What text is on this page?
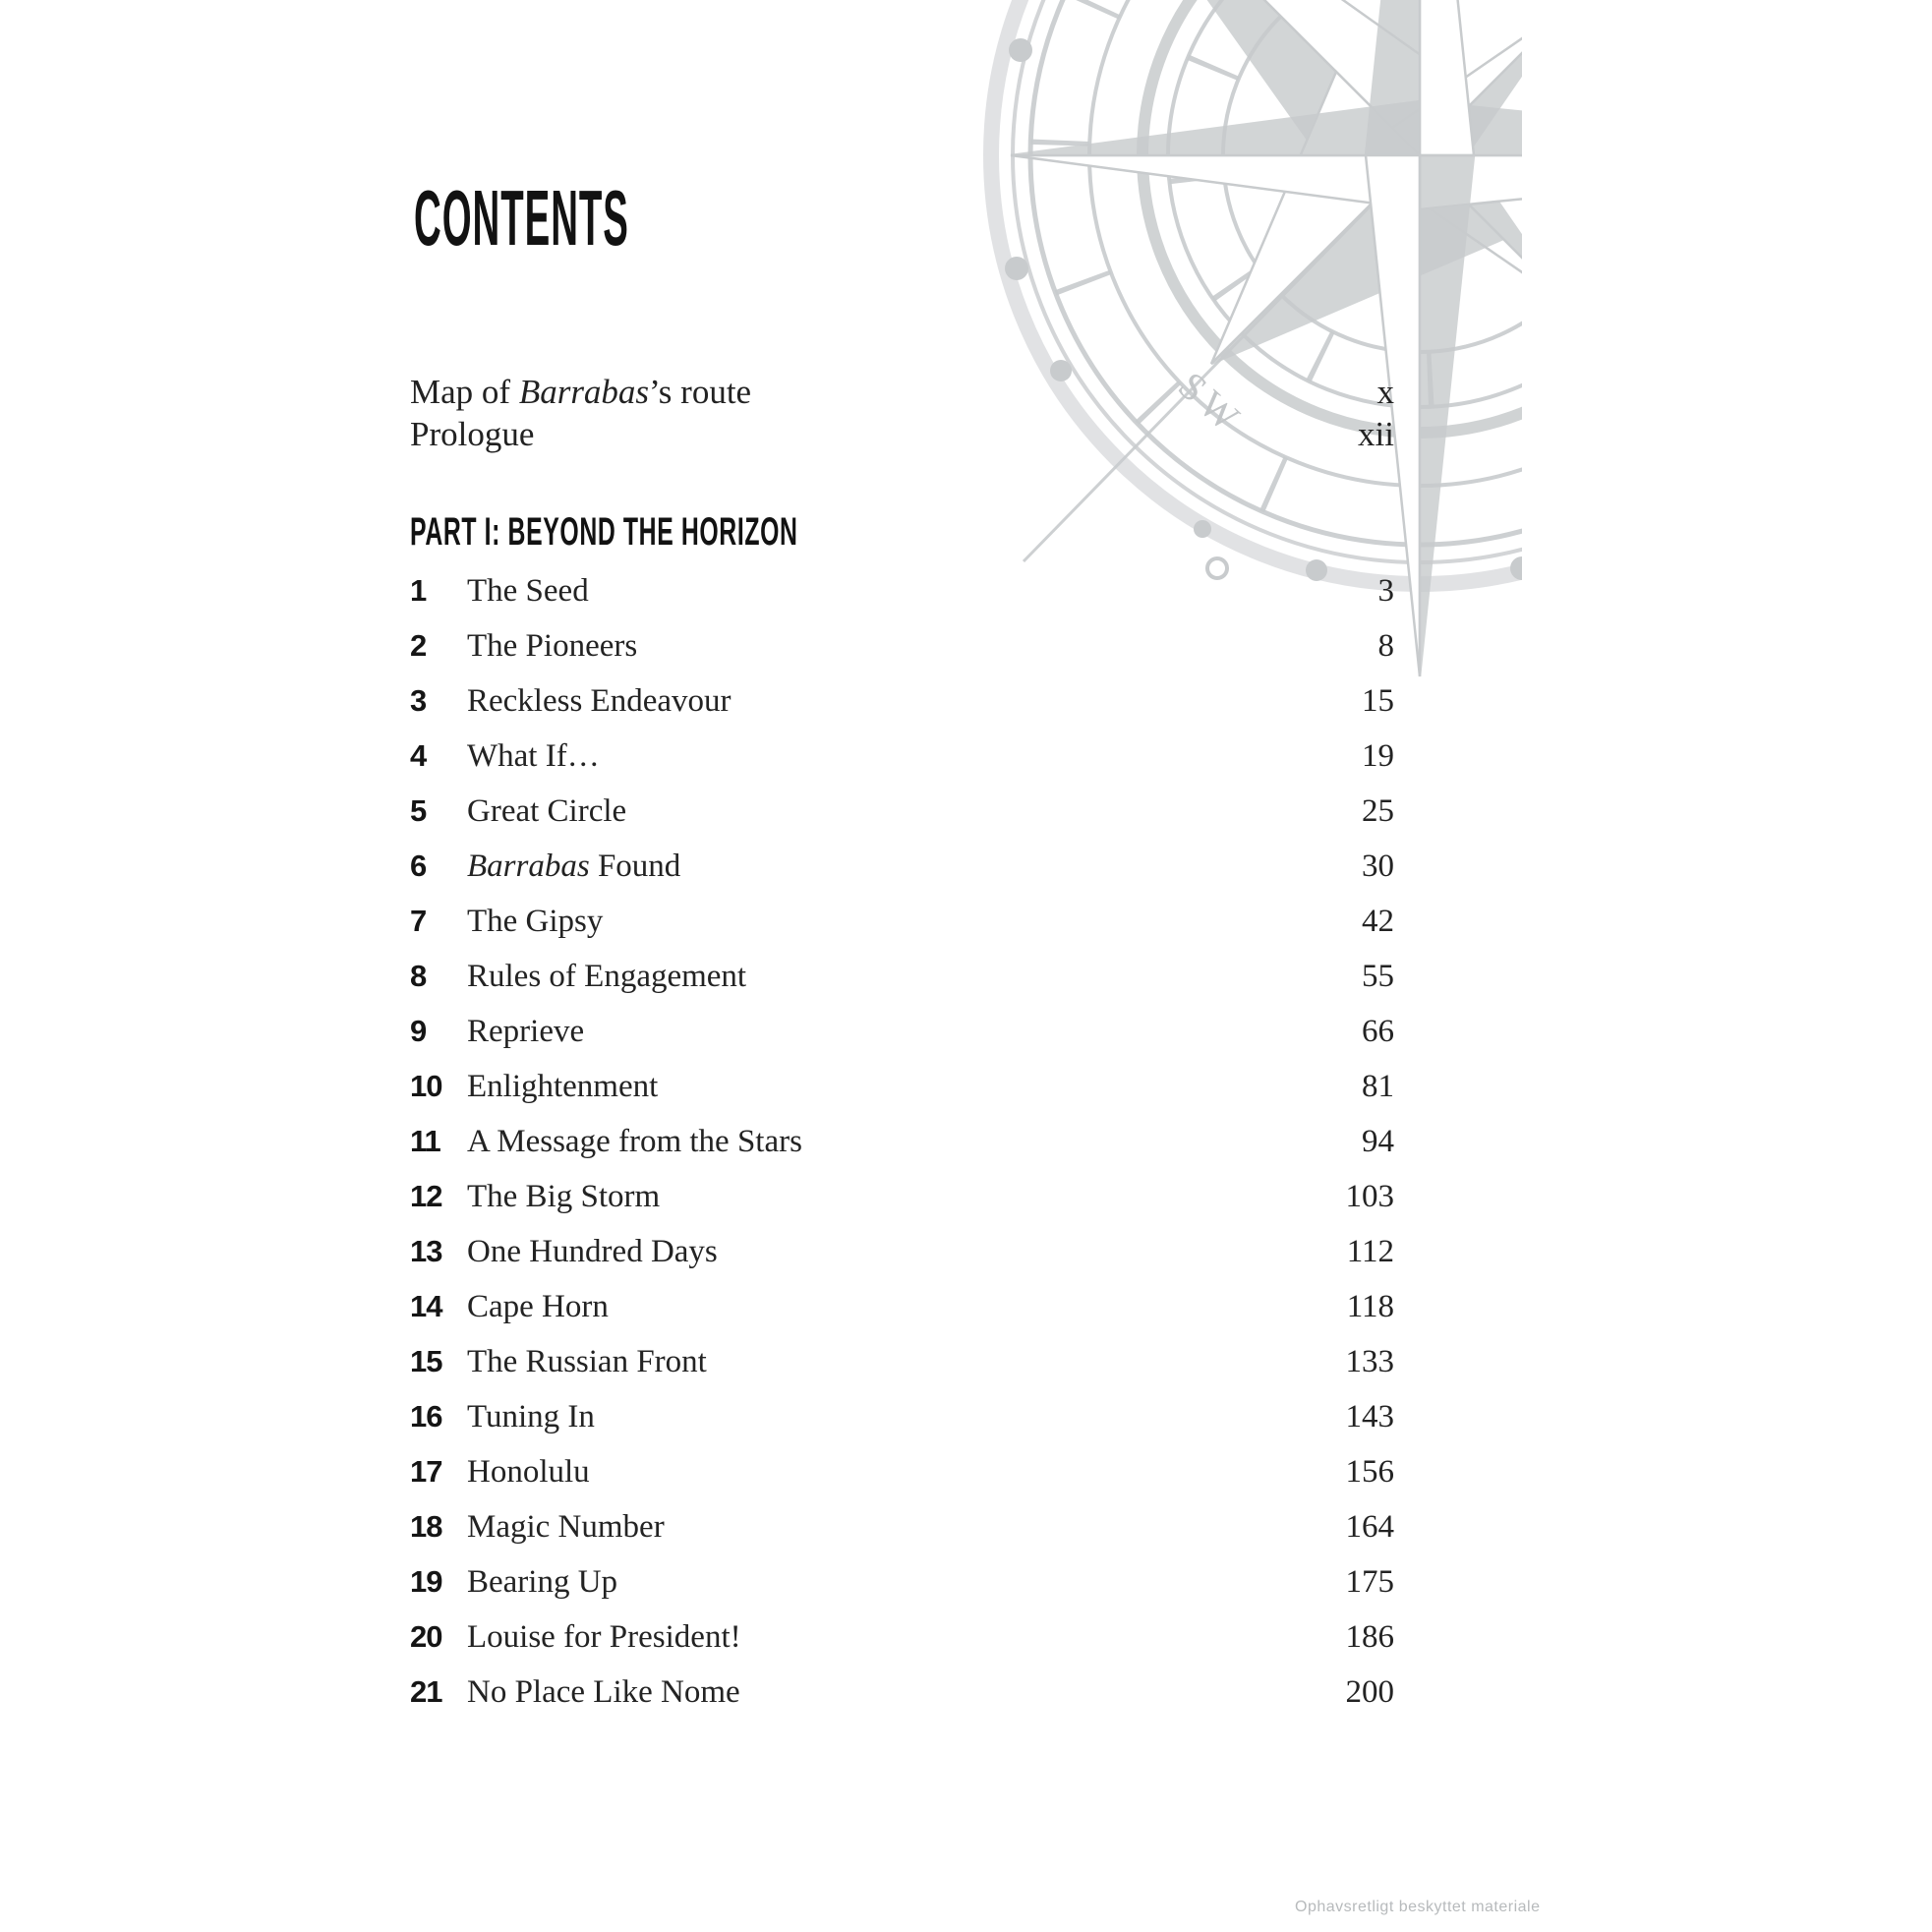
SW
CONTENTS
Map of Barrabas’s route	x
Prologue	xii
PART I: BEYOND THE HORIZON
1	The Seed	3
2	The Pioneers	8
3	Reckless Endeavour	15
4	What If…	19
5	Great Circle	25
6	Barrabas Found	30
7	The Gipsy	42
8	Rules of Engagement	55
9	Reprieve	66
10 Enlightenment	81
11 A Message from the Stars	94
12 The Big Storm	103
13 One Hundred Days	112
14 Cape Horn	118
15 The Russian Front	133
16 Tuning In	143
17 Honolulu	156
18 Magic Number	164
19 Bearing Up	175
20 Louise for President!	186
21 No Place Like Nome	200
Ophavsretligt beskyttet materiale
